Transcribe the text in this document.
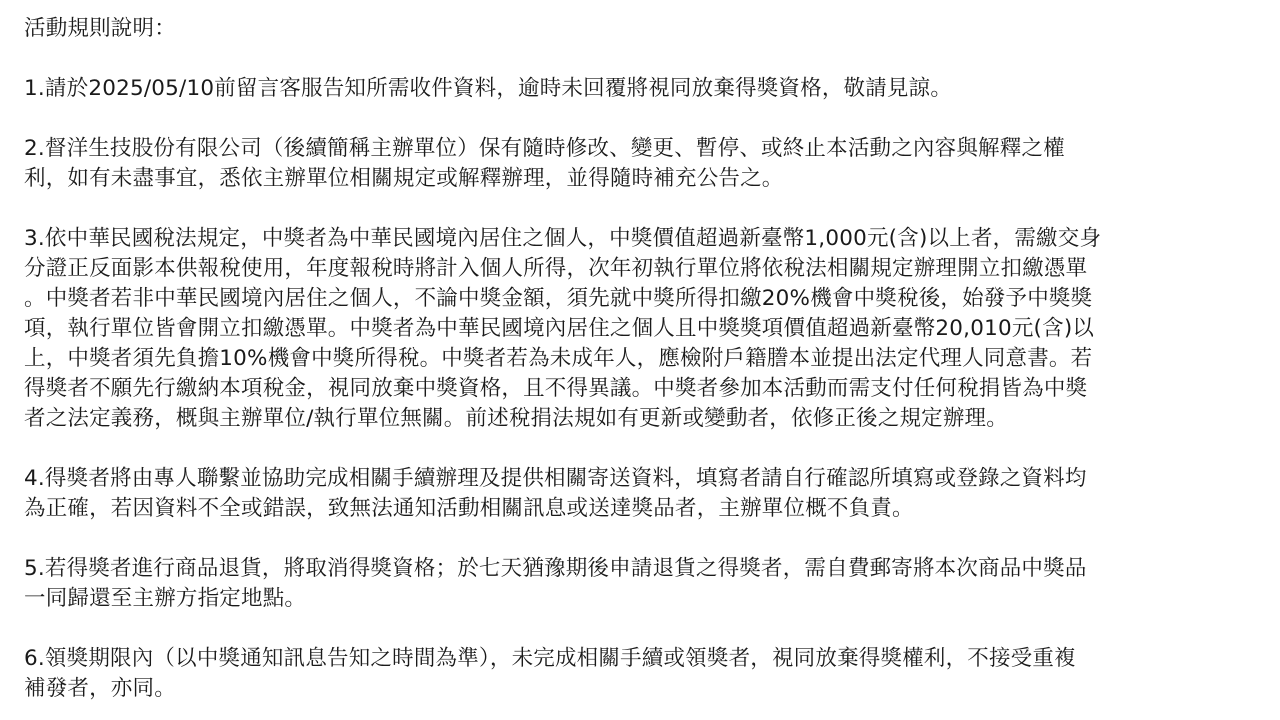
活動規則說明：
1.請於2025/05/10前留言客服告知所需收件資料，逾時未回覆將視同放棄得獎資格，敬請見諒。
2.督洋生技股份有限公司（後續簡稱主辦單位）保有隨時修改、變更、暫停、或終止本活動之內容與解釋之權
利，如有未盡事宜，悉依主辦單位相關規定或解釋辦理，並得隨時補充公告之。
3.依中華民國稅法規定，中獎者為中華民國境內居住之個人，中獎價值超過新臺幣1,000元(含)以上者，需繳交身
分證正反面影本供報稅使用，年度報稅時將計入個人所得，次年初執行單位將依稅法相關規定辦理開立扣繳憑單
。中獎者若非中華民國境內居住之個人，不論中獎金額，須先就中獎所得扣繳20%機會中獎稅後，始發予中獎獎
項，執行單位皆會開立扣繳憑單。中獎者為中華民國境內居住之個人且中獎獎項價值超過新臺幣20,010元(含)以
上，中獎者須先負擔10%機會中獎所得稅。中獎者若為未成年人，應檢附戶籍謄本並提出法定代理人同意書。若
得獎者不願先行繳納本項稅金，視同放棄中獎資格，且不得異議。中獎者參加本活動而需支付任何稅捐皆為中獎
者之法定義務，概與主辦單位/執行單位無關。前述稅捐法規如有更新或變動者，依修正後之規定辦理。
4.得獎者將由專人聯繫並協助完成相關手續辦理及提供相關寄送資料，填寫者請自行確認所填寫或登錄之資料均
為正確，若因資料不全或錯誤，致無法通知活動相關訊息或送達獎品者，主辦單位概不負責。
5.若得獎者進行商品退貨，將取消得獎資格；於七天猶豫期後申請退貨之得獎者，需自費郵寄將本次商品中獎品
一同歸還至主辦方指定地點。
6.領獎期限內（以中獎通知訊息告知之時間為準），未完成相關手續或領獎者，視同放棄得獎權利，不接受重複
補發者，亦同。
